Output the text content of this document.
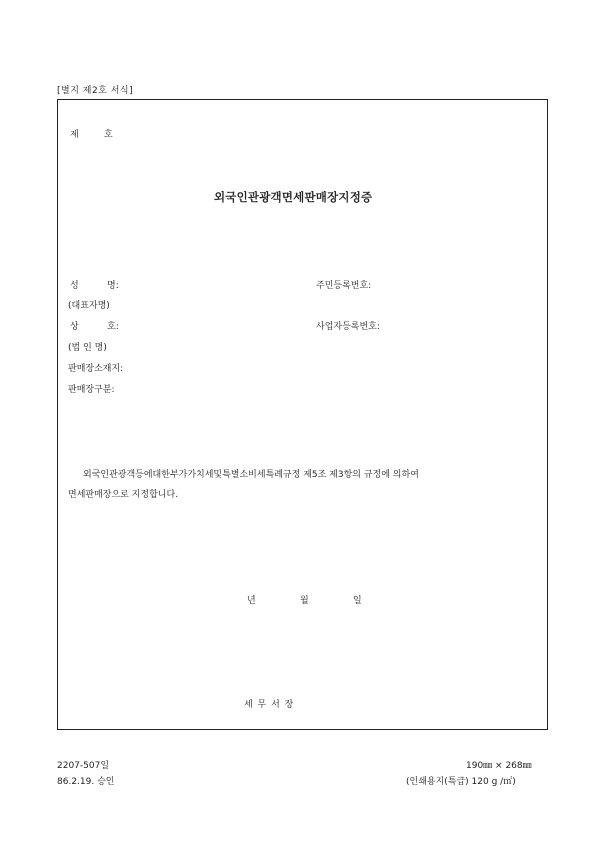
[별지 제2호 서식]
제	호
외국인관광객면세판매장지정증
성	명:	주민등록번호:
(대표자명)
상	호:	사업자등록번호:
(법 인 명)
판매장소재지:
판매장구분:
외국인관광객등에대한부가가치세및특별소비세특례규정 제5조 제3항의 규정에 의하여
면세판매장으로 지정합니다.
년	월	일
세 무 서 장
2207-507일
86.2.19. 승인
190㎜ × 268㎜
(인쇄용지(특급) 120 g /㎡)
